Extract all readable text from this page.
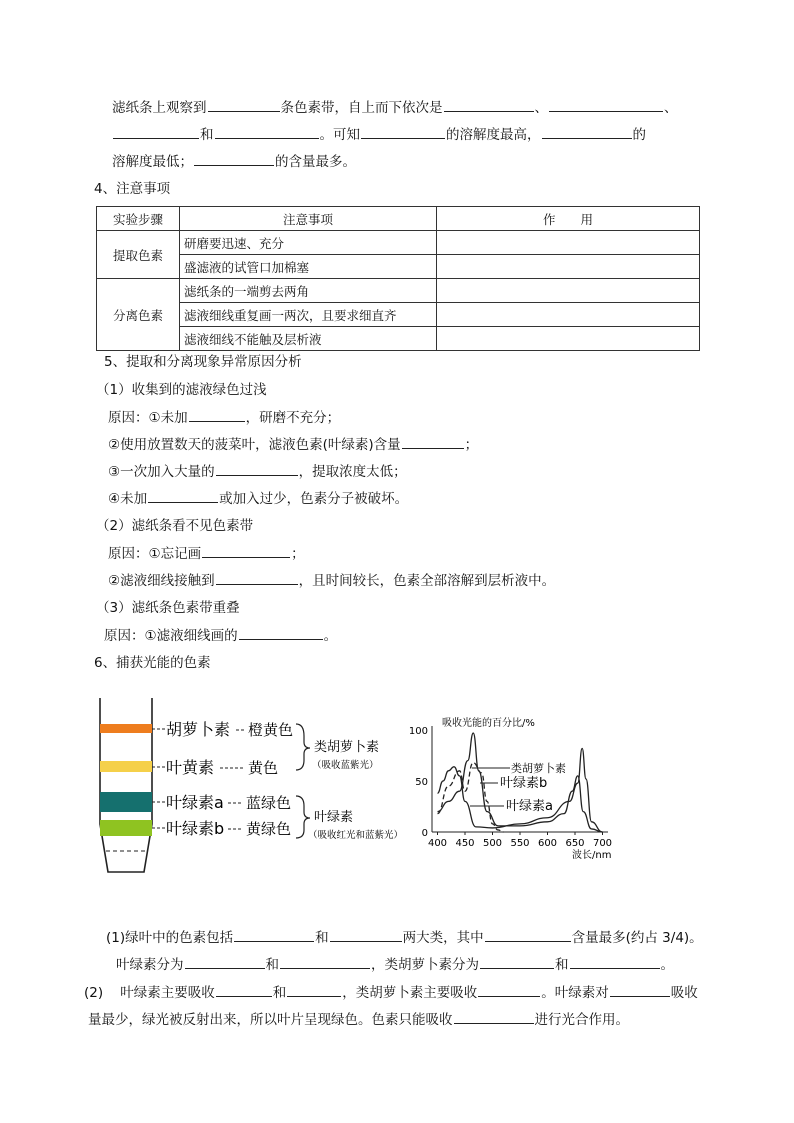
滤纸条上观察到	条色素带，自上而下依次是	、	、
和	。可知	的溶解度最高，	的
溶解度最低；	的含量最多。
4、注意事项
实验步骤	注意事项	作　　用
提取色素	研磨要迅速、充分	
	盛滤液的试管口加棉塞	
分离色素	滤纸条的一端剪去两角	
	滤液细线重复画一两次，且要求细直齐	
	滤液细线不能触及层析液	
5、提取和分离现象异常原因分析
（1）收集到的滤液绿色过浅
原因：①未加	，研磨不充分；
②使用放置数天的菠菜叶，滤液色素(叶绿素)含量	；
③一次加入大量的	，提取浓度太低；
④未加	或加入过少，色素分子被破坏。
（2）滤纸条看不见色素带
原因：①忘记画	；
②滤液细线接触到	，且时间较长，色素全部溶解到层析液中。
（3）滤纸条色素带重叠
原因：①滤液细线画的	。
6、捕获光能的色素
胡萝卜素 橙黄色
叶黄素 黄色
叶绿素a 蓝绿色
叶绿素b 黄绿色
类胡萝卜素
（吸收蓝紫光）
叶绿素
（吸收红光和蓝紫光）
吸收光能的百分比/%
波长/nm
100
50
0
400 450 500 550 600 650 700
类胡萝卜素
叶绿素b
叶绿素a
(1)绿叶中的色素包括	和	两大类，其中	含量最多(约占 3/4)。
叶绿素分为	和	，类胡萝卜素分为	和	。
(2) 叶绿素主要吸收	和	，类胡萝卜素主要吸收	。叶绿素对	吸收
量最少，绿光被反射出来，所以叶片呈现绿色。色素只能吸收	进行光合作用。
